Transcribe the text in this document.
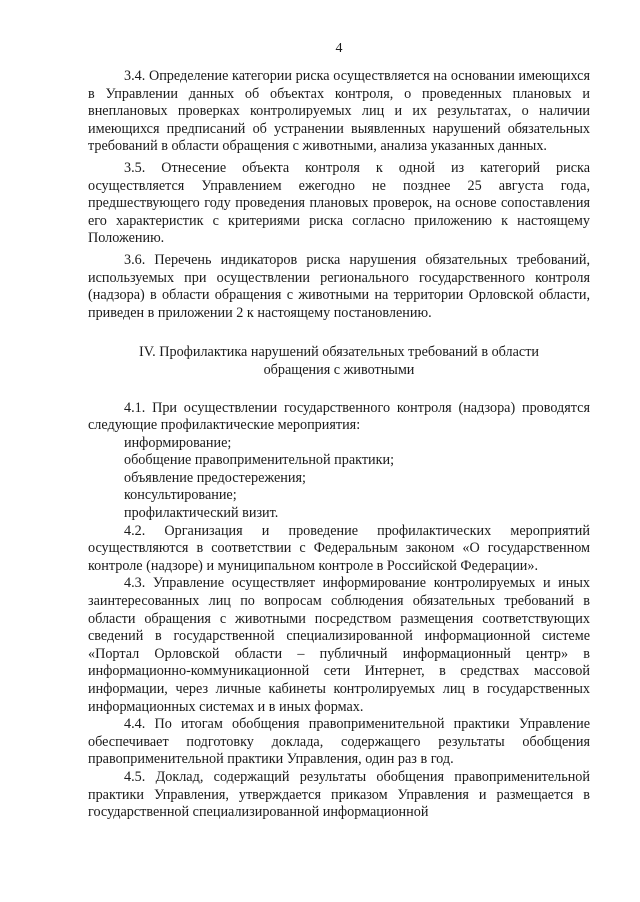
4

3.4. Определение категории риска осуществляется на основании имеющихся в Управлении данных об объектах контроля, о проведенных плановых и внеплановых проверках контролируемых лиц и их результатах, о наличии имеющихся предписаний об устранении выявленных нарушений обязательных требований в области обращения с животными, анализа указанных данных.

3.5. Отнесение объекта контроля к одной из категорий риска осуществляется Управлением ежегодно не позднее 25 августа года, предшествующего году проведения плановых проверок, на основе сопоставления его характеристик с критериями риска согласно приложению к настоящему Положению.

3.6. Перечень индикаторов риска нарушения обязательных требований, используемых при осуществлении регионального государственного контроля (надзора) в области обращения с животными на территории Орловской области, приведен в приложении 2 к настоящему постановлению.

IV. Профилактика нарушений обязательных требований в области
обращения с животными

4.1. При осуществлении государственного контроля (надзора) проводятся следующие профилактические мероприятия:

информирование;
обобщение правоприменительной практики;
объявление предостережения;
консультирование;
профилактический визит.

4.2. Организация и проведение профилактических мероприятий осуществляются в соответствии с Федеральным законом «О государственном контроле (надзоре) и муниципальном контроле в Российской Федерации».

4.3. Управление осуществляет информирование контролируемых и иных заинтересованных лиц по вопросам соблюдения обязательных требований в области обращения с животными посредством размещения соответствующих сведений в государственной специализированной информационной системе «Портал Орловской области – публичный информационный центр» в информационно-коммуникационной сети Интернет, в средствах массовой информации, через личные кабинеты контролируемых лиц в государственных информационных системах и в иных формах.

4.4. По итогам обобщения правоприменительной практики Управление обеспечивает подготовку доклада, содержащего результаты обобщения правоприменительной практики Управления, один раз в год.

4.5. Доклад, содержащий результаты обобщения правоприменительной практики Управления, утверждается приказом Управления и размещается в государственной специализированной информационной
